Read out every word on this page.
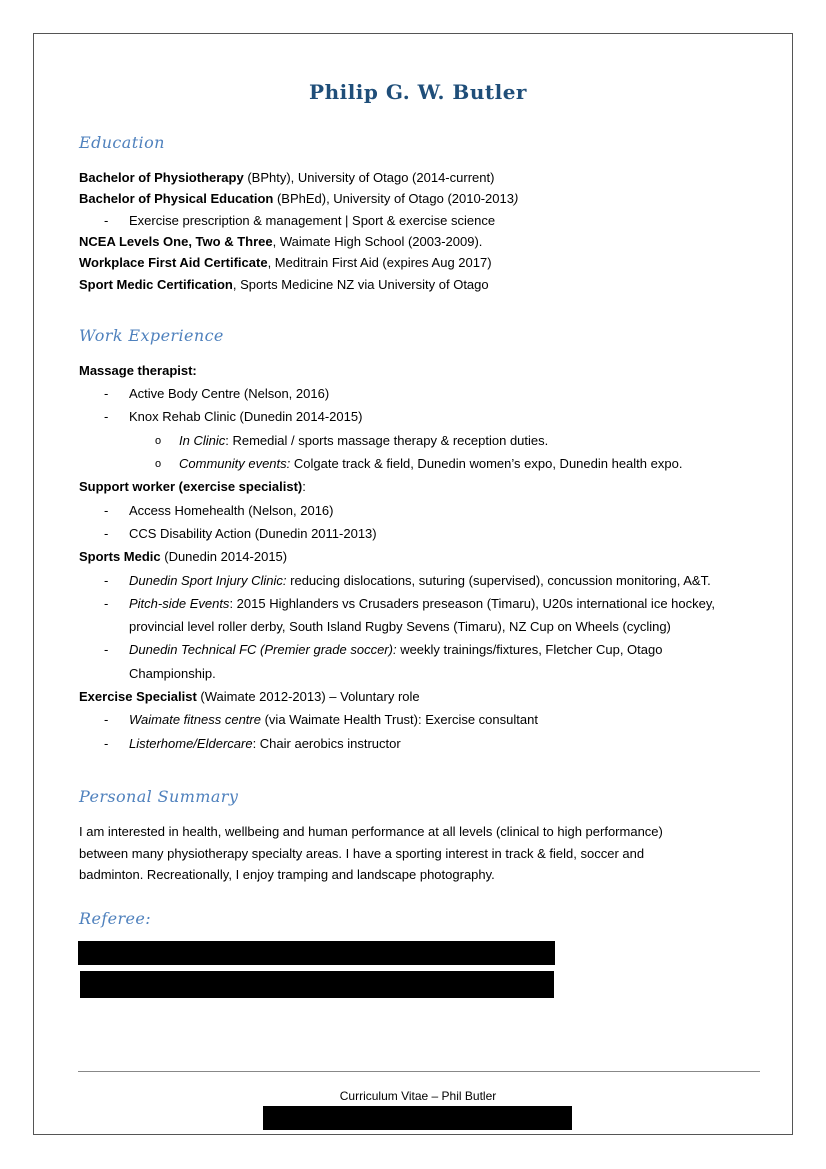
Philip G. W. Butler
Education
Bachelor of Physiotherapy (BPhty), University of Otago (2014-current)
Bachelor of Physical Education (BPhEd), University of Otago (2010-2013)
- Exercise prescription & management | Sport & exercise science
NCEA Levels One, Two & Three, Waimate High School (2003-2009).
Workplace First Aid Certificate, Meditrain First Aid (expires Aug 2017)
Sport Medic Certification, Sports Medicine NZ via University of Otago
Work Experience
Massage therapist:
- Active Body Centre (Nelson, 2016)
- Knox Rehab Clinic (Dunedin 2014-2015)
o In Clinic: Remedial / sports massage therapy & reception duties.
o Community events: Colgate track & field, Dunedin women’s expo, Dunedin health expo.
Support worker (exercise specialist):
- Access Homehealth (Nelson, 2016)
- CCS Disability Action (Dunedin 2011-2013)
Sports Medic (Dunedin 2014-2015)
- Dunedin Sport Injury Clinic: reducing dislocations, suturing (supervised), concussion monitoring, A&T.
- Pitch-side Events: 2015 Highlanders vs Crusaders preseason (Timaru), U20s international ice hockey,
provincial level roller derby, South Island Rugby Sevens (Timaru), NZ Cup on Wheels (cycling)
- Dunedin Technical FC (Premier grade soccer): weekly trainings/fixtures, Fletcher Cup, Otago
Championship.
Exercise Specialist (Waimate 2012-2013) – Voluntary role
- Waimate fitness centre (via Waimate Health Trust): Exercise consultant
- Listerhome/Eldercare: Chair aerobics instructor
Personal Summary
I am interested in health, wellbeing and human performance at all levels (clinical to high performance)
between many physiotherapy specialty areas. I have a sporting interest in track & field, soccer and
badminton. Recreationally, I enjoy tramping and landscape photography.
Referee:
Curriculum Vitae – Phil Butler
